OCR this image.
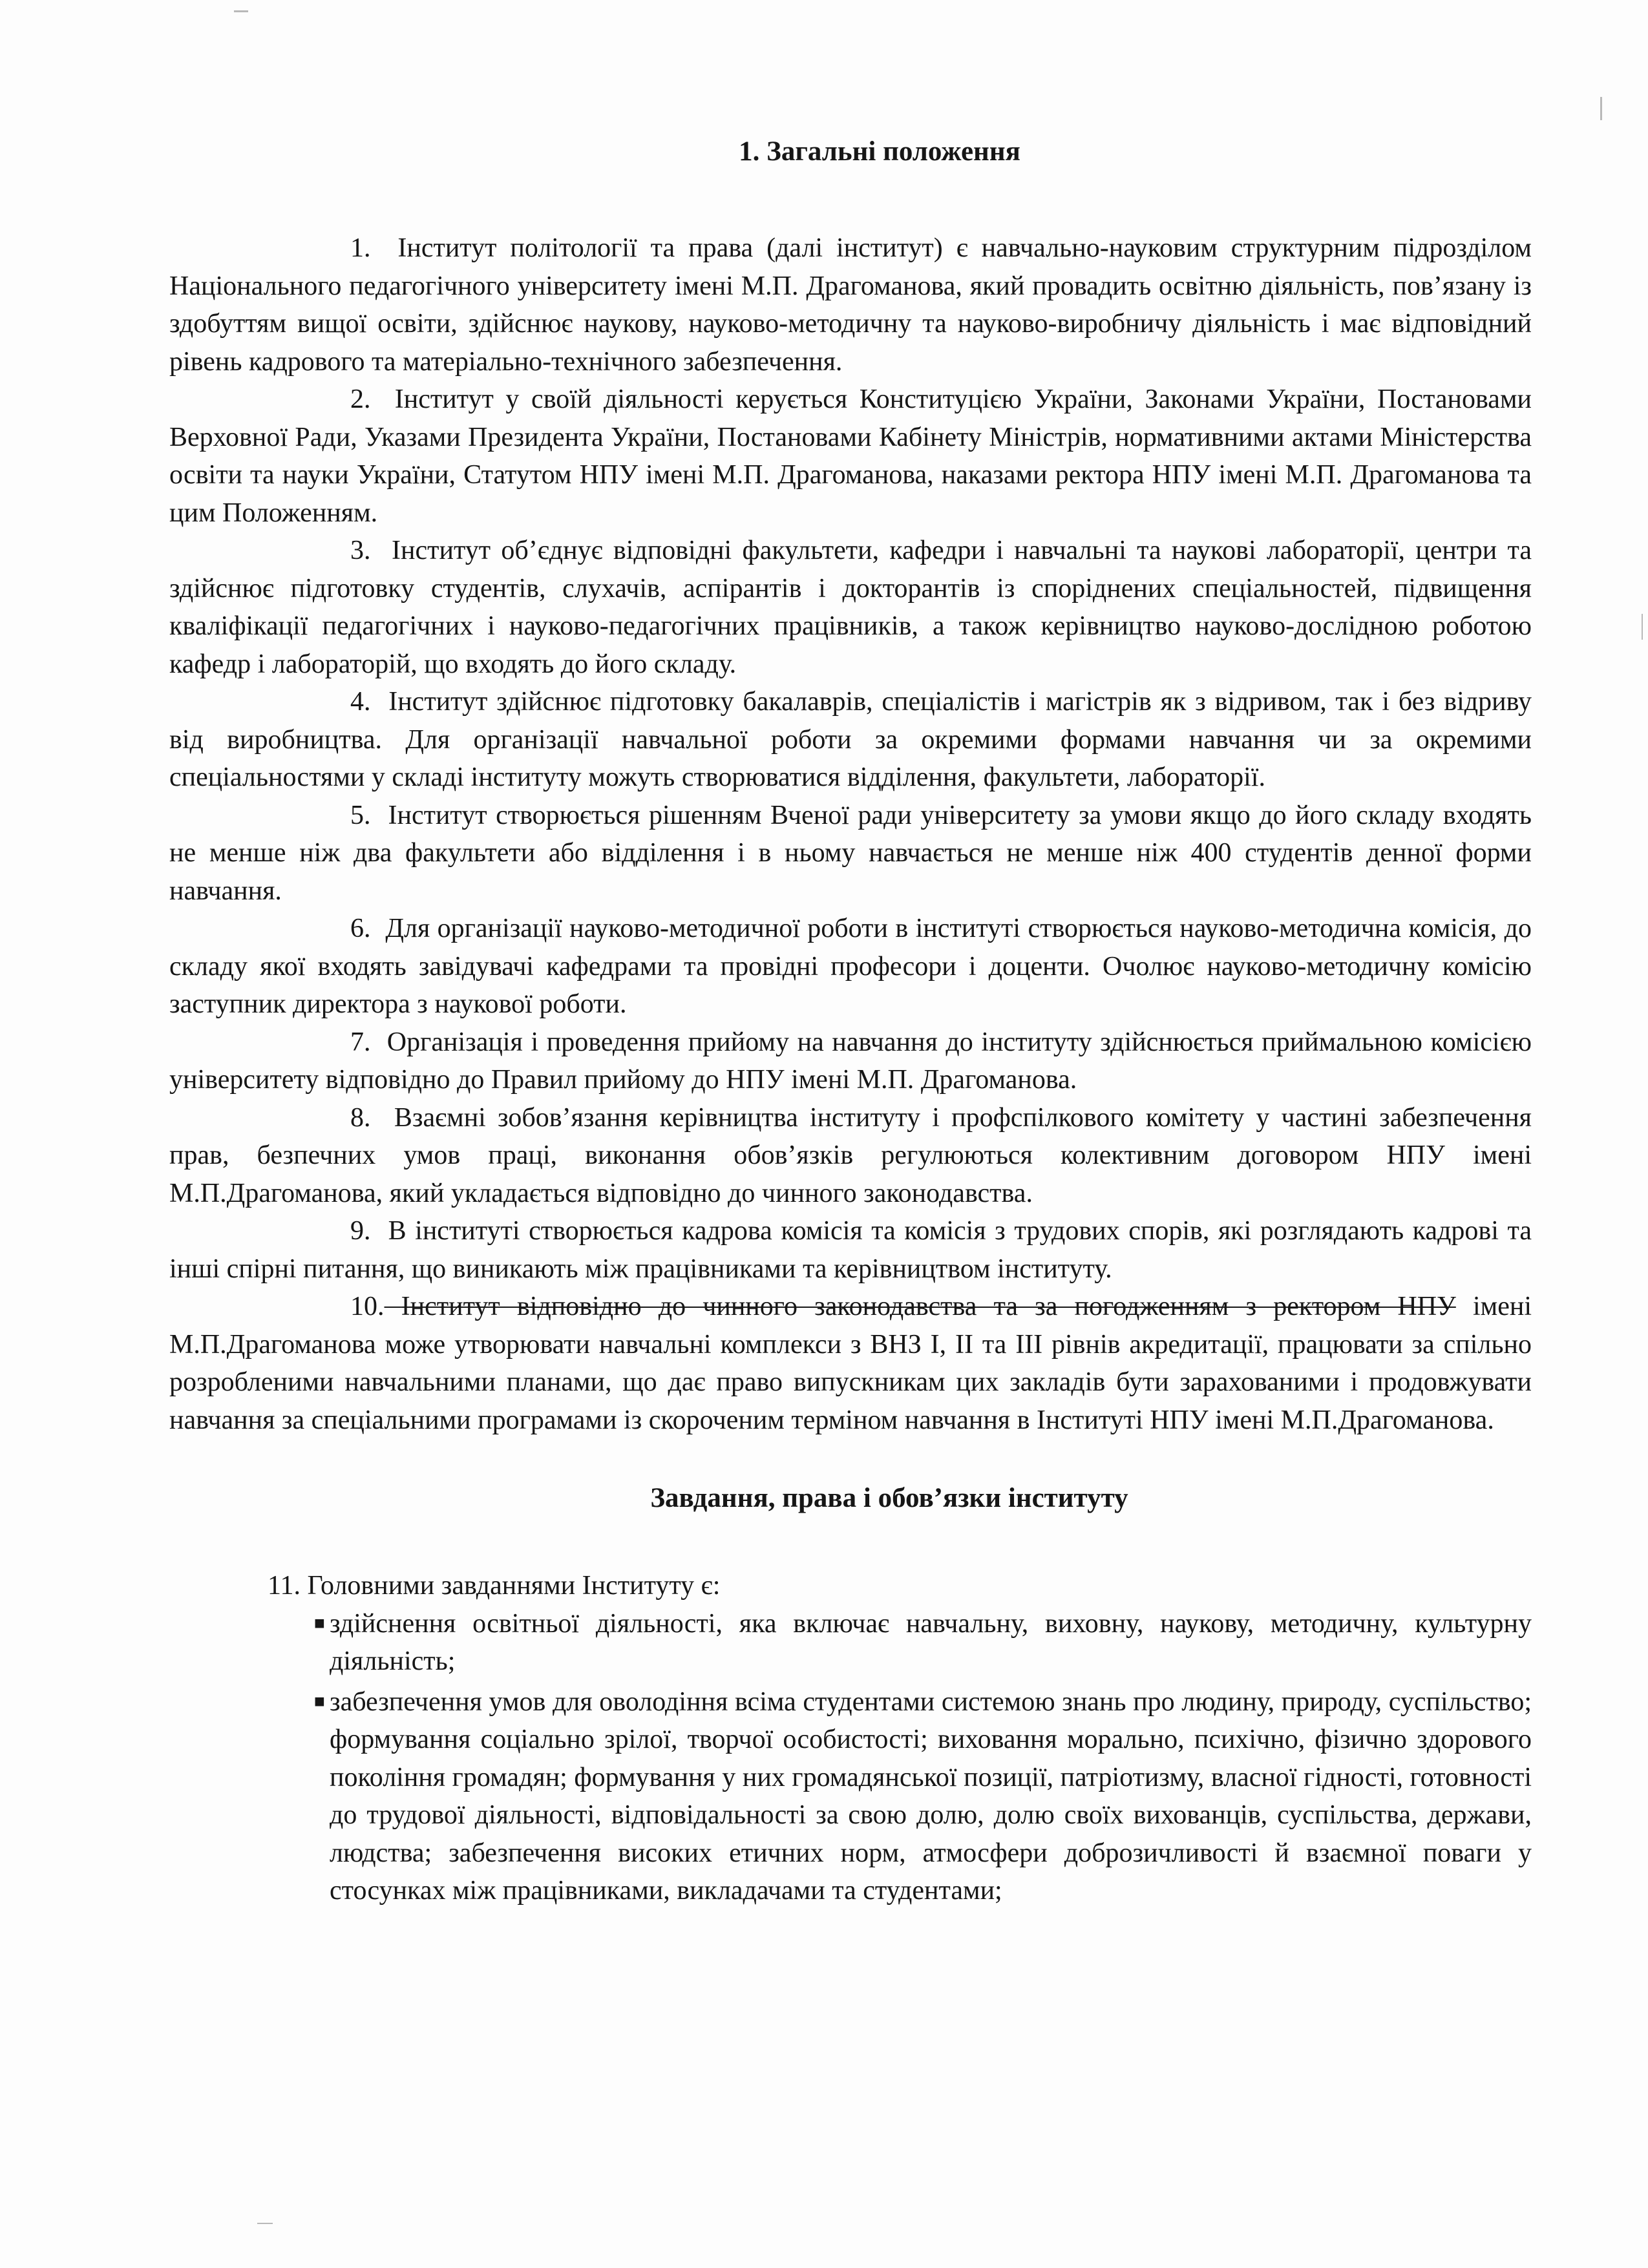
1. Загальні положення

1. Інститут політології та права (далі інститут) є навчально-науковим структурним підрозділом Національного педагогічного університету імені М.П. Драгоманова, який провадить освітню діяльність, пов’язану із здобуттям вищої освіти, здійснює наукову, науково-методичну та науково-виробничу діяльність і має відповідний рівень кадрового та матеріально-технічного забезпечення.

2. Інститут у своїй діяльності керується Конституцією України, Законами України, Постановами Верховної Ради, Указами Президента України, Постановами Кабінету Міністрів, нормативними актами Міністерства освіти та науки України, Статутом НПУ імені М.П. Драгоманова, наказами ректора НПУ імені М.П. Драгоманова та цим Положенням.

3. Інститут об’єднує відповідні факультети, кафедри і навчальні та наукові лабораторії, центри та здійснює підготовку студентів, слухачів, аспірантів і докторантів із споріднених спеціальностей, підвищення кваліфікації педагогічних і науково-педагогічних працівників, а також керівництво науково-дослідною роботою кафедр і лабораторій, що входять до його складу.

4. Інститут здійснює підготовку бакалаврів, спеціалістів і магістрів як з відривом, так і без відриву від виробництва. Для організації навчальної роботи за окремими формами навчання чи за окремими спеціальностями у складі інституту можуть створюватися відділення, факультети, лабораторії.

5. Інститут створюється рішенням Вченої ради університету за умови якщо до його складу входять не менше ніж два факультети або відділення і в ньому навчається не менше ніж 400 студентів денної форми навчання.

6. Для організації науково-методичної роботи в інституті створюється науково-методична комісія, до складу якої входять завідувачі кафедрами та провідні професори і доценти. Очолює науково-методичну комісію заступник директора з наукової роботи.

7. Організація і проведення прийому на навчання до інституту здійснюється приймальною комісією університету відповідно до Правил прийому до НПУ імені М.П. Драгоманова.

8. Взаємні зобов’язання керівництва інституту і профспілкового комітету у частині забезпечення прав, безпечних умов праці, виконання обов’язків регулюються колективним договором НПУ імені М.П.Драгоманова, який укладається відповідно до чинного законодавства.

9. В інституті створюється кадрова комісія та комісія з трудових спорів, які розглядають кадрові та інші спірні питання, що виникають між працівниками та керівництвом інституту.

10. Інститут відповідно до чинного законодавства та за погодженням з ректором НПУ імені М.П.Драгоманова може утворювати навчальні комплекси з ВНЗ І, ІІ та ІІІ рівнів акредитації, працювати за спільно розробленими навчальними планами, що дає право випускникам цих закладів бути зарахованими і продовжувати навчання за спеціальними програмами із скороченим терміном навчання в Інституті НПУ імені М.П.Драгоманова.

Завдання, права і обов’язки інституту

11. Головними завданнями Інституту є:

■ здійснення освітньої діяльності, яка включає навчальну, виховну, наукову, методичну, культурну діяльність;
■ забезпечення умов для оволодіння всіма студентами системою знань про людину, природу, суспільство; формування соціально зрілої, творчої особистості; виховання морально, психічно, фізично здорового покоління громадян; формування у них громадянської позиції, патріотизму, власної гідності, готовності до трудової діяльності, відповідальності за свою долю, долю своїх вихованців, суспільства, держави, людства; забезпечення високих етичних норм, атмосфери доброзичливості й взаємної поваги у стосунках між працівниками, викладачами та студентами;
